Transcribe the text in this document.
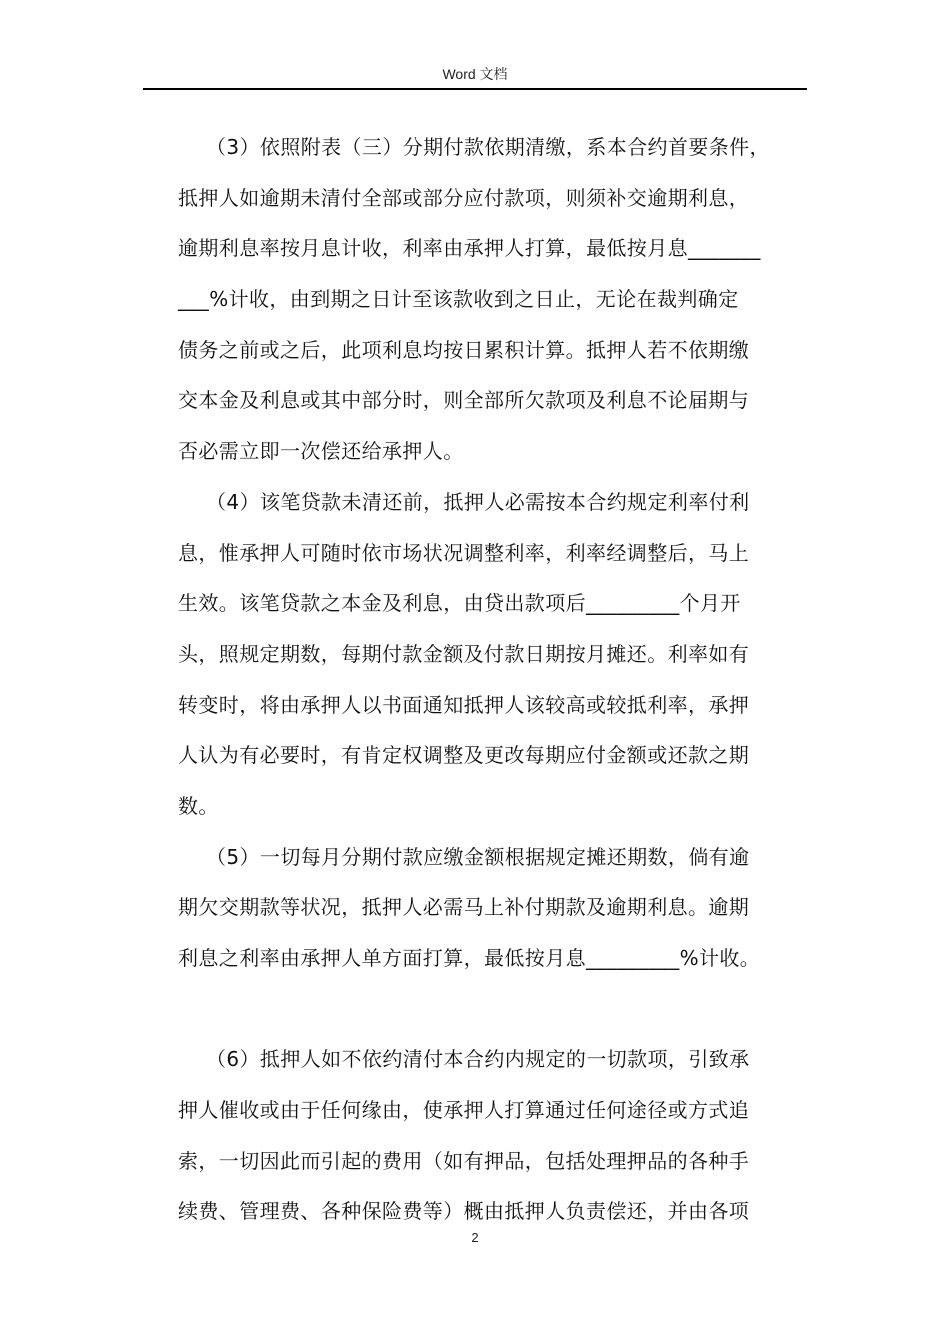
Word 文档
（3）依照附表（三）分期付款依期清缴，系本合约首要条件，
抵押人如逾期未清付全部或部分应付款项，则须补交逾期利息，
逾期利息率按月息计收，利率由承押人打算，最低按月息_______
___%计收，由到期之日计至该款收到之日止，无论在裁判确定
债务之前或之后，此项利息均按日累积计算。抵押人若不依期缴
交本金及利息或其中部分时，则全部所欠款项及利息不论届期与
否必需立即一次偿还给承押人。
（4）该笔贷款未清还前，抵押人必需按本合约规定利率付利
息，惟承押人可随时依市场状况调整利率，利率经调整后，马上
生效。该笔贷款之本金及利息，由贷出款项后_________个月开
头，照规定期数，每期付款金额及付款日期按月摊还。利率如有
转变时，将由承押人以书面通知抵押人该较高或较抵利率，承押
人认为有必要时，有肯定权调整及更改每期应付金额或还款之期
数。
（5）一切每月分期付款应缴金额根据规定摊还期数，倘有逾
期欠交期款等状况，抵押人必需马上补付期款及逾期利息。逾期
利息之利率由承押人单方面打算，最低按月息_________%计收。
（6）抵押人如不依约清付本合约内规定的一切款项，引致承
押人催收或由于任何缘由，使承押人打算通过任何途径或方式追
索，一切因此而引起的费用（如有押品，包括处理押品的各种手
续费、管理费、各种保险费等）概由抵押人负责偿还，并由各项
2
